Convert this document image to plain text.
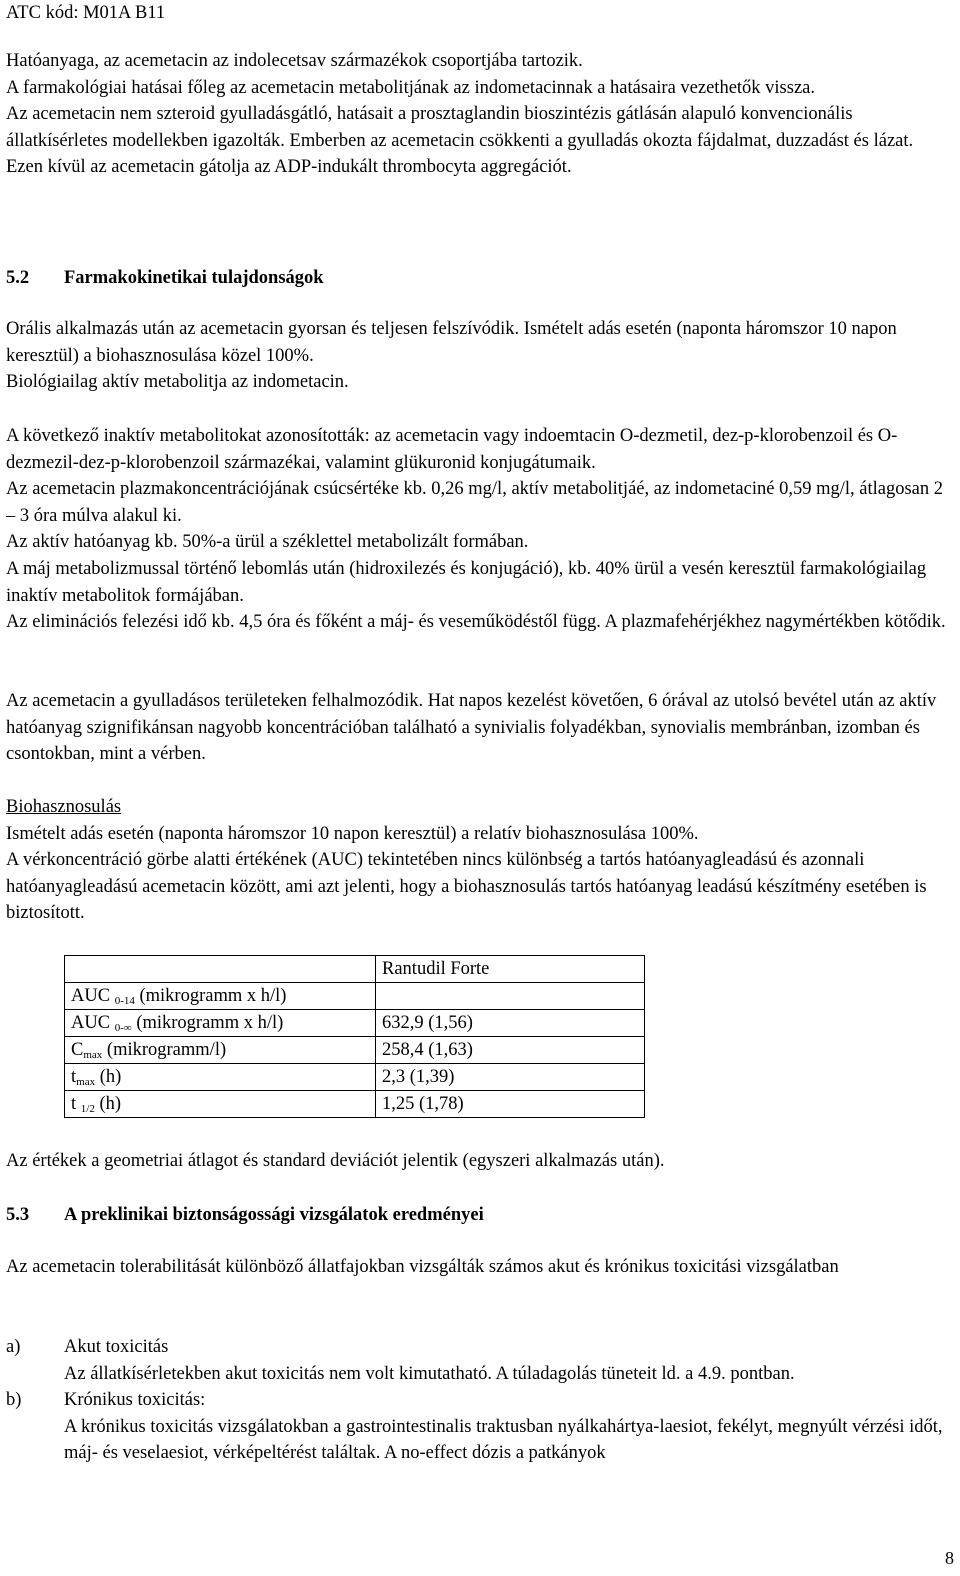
ATC kód: M01A B11

Hatóanyaga, az acemetacin az indolecetsav származékok csoportjába tartozik.

A farmakológiai hatásai főleg az acemetacin metabolitjának az indometacinnak a hatásaira vezethetők vissza.

Az acemetacin nem szteroid gyulladásgátló, hatásait a prosztaglandin bioszintézis gátlásán alapuló konvencionális állatkísérletes modellekben igazolták. Emberben az acemetacin csökkenti a gyulladás okozta fájdalmat, duzzadást és lázat. Ezen kívül az acemetacin gátolja az ADP-indukált thrombocyta aggregációt.

5.2 Farmakokinetikai tulajdonságok

Orális alkalmazás után az acemetacin gyorsan és teljesen felszívódik. Ismételt adás esetén (naponta háromszor 10 napon keresztül) a biohasznosulása közel 100%.

Biológiailag aktív metabolitja az indometacin.

A következő inaktív metabolitokat azonosították: az acemetacin vagy indoemtacin O-dezmetil, dez-p-klorobenzoil és O-dezmezil-dez-p-klorobenzoil származékai, valamint glükuronid konjugátumaik.

Az acemetacin plazmakoncentrációjának csúcsértéke kb. 0,26 mg/l, aktív metabolitjáé, az indometaciné 0,59 mg/l, átlagosan 2 – 3 óra múlva alakul ki.

Az aktív hatóanyag kb. 50%-a ürül a széklettel metabolizált formában.

A máj metabolizmussal történő lebomlás után (hidroxilezés és konjugáció), kb. 40% ürül a vesén keresztül farmakológiailag inaktív metabolitok formájában.

Az eliminációs felezési idő kb. 4,5 óra és főként a máj- és veseműködéstől függ. A plazmafehérjékhez nagymértékben kötődik.

Az acemetacin a gyulladásos területeken felhalmozódik. Hat napos kezelést követően, 6 órával az utolsó bevétel után az aktív hatóanyag szignifikánsan nagyobb koncentrációban található a synivialis folyadékban, synovialis membránban, izomban és csontokban, mint a vérben.

Biohasznosulás

Ismételt adás esetén (naponta háromszor 10 napon keresztül) a relatív biohasznosulása 100%.

A vérkoncentráció görbe alatti értékének (AUC) tekintetében nincs különbség a tartós hatóanyagleadású és azonnali hatóanyagleadású acemetacin között, ami azt jelenti, hogy a biohasznosulás tartós hatóanyag leadású készítmény esetében is biztosított.

	Rantudil Forte
AUC $_{0-14}$ (mikrogramm x h/l)	
AUC $_{0-\infty}$ (mikrogramm x h/l)	632,9 (1,56)
$C_{max}$ (mikrogramm/l)	258,4 (1,63)
$t_{max}$ (h)	2,3 (1,39)
t $_{1/2}$ (h)	1,25 (1,78)

Az értékek a geometriai átlagot és standard deviációt jelentik (egyszeri alkalmazás után).

5.3 A preklinikai biztonságossági vizsgálatok eredményei

Az acemetacin tolerabilitását különböző állatfajokban vizsgálták számos akut és krónikus toxicitási vizsgálatban

a)	Akut toxicitás

Az állatkísérletekben akut toxicitás nem volt kimutatható. A túladagolás tüneteit ld. a 4.9. pontban.

b)	Krónikus toxicitás:

A krónikus toxicitás vizsgálatokban a gastrointestinalis traktusban nyálkahártya-laesiot, fekélyt, megnyúlt vérzési időt, máj- és veselaesiot, vérképeltérést találtak. A no-effect dózis a patkányok

8
